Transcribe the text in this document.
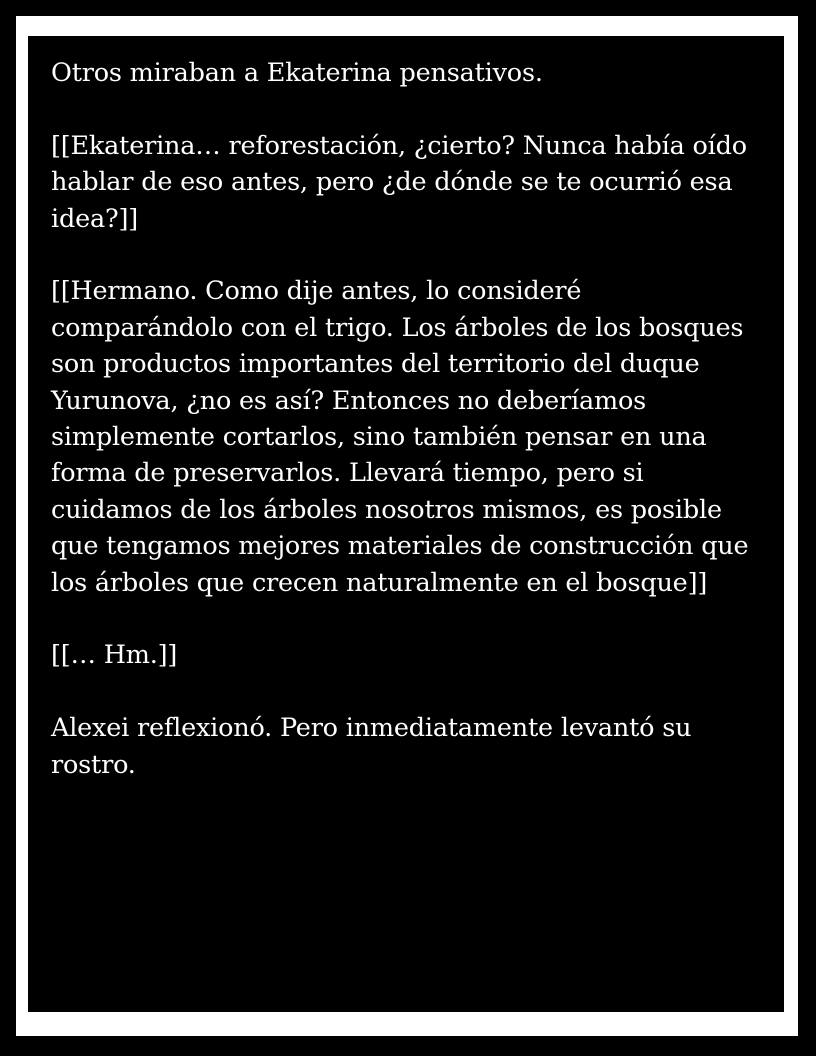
Otros miraban a Ekaterina pensativos.

[[Ekaterina… reforestación, ¿cierto? Nunca había oído hablar de eso antes, pero ¿de dónde se te ocurrió esa idea?]]

[[Hermano. Como dije antes, lo consideré comparándolo con el trigo. Los árboles de los bosques son productos importantes del territorio del duque Yurunova, ¿no es así? Entonces no deberíamos simplemente cortarlos, sino también pensar en una forma de preservarlos. Llevará tiempo, pero si cuidamos de los árboles nosotros mismos, es posible que tengamos mejores materiales de construcción que los árboles que crecen naturalmente en el bosque]]

[[… Hm.]]

Alexei reflexionó. Pero inmediatamente levantó su rostro.
